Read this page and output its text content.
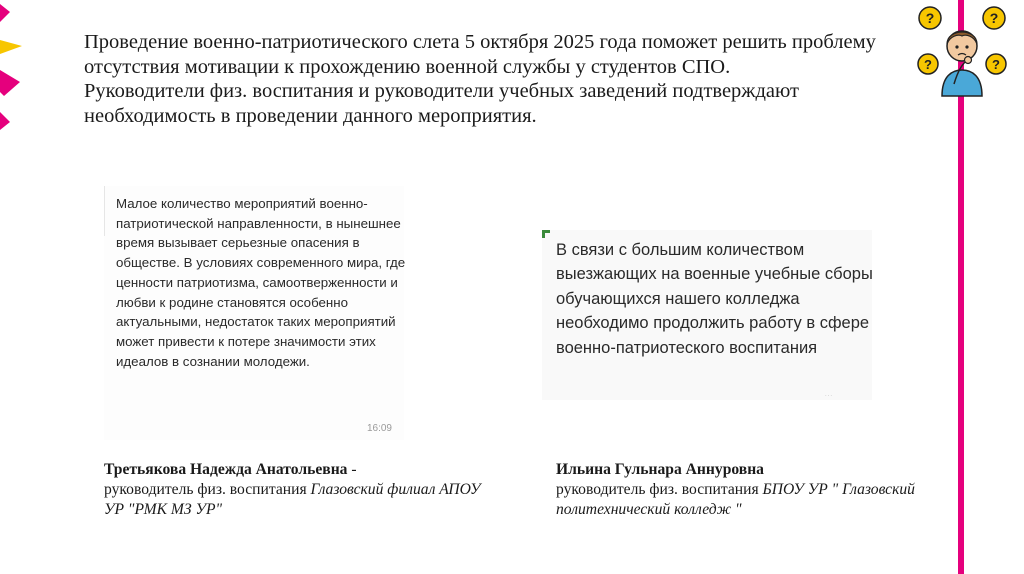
Проведение военно-патриотического слета 5 октября 2025 года поможет решить проблему отсутствия мотивации к прохождению военной службы у студентов СПО.

Руководители физ. воспитания и руководители учебных заведений подтверждают необходимость в проведении данного мероприятия.

Малое количество мероприятий военно-патриотической направленности, в нынешнее время вызывает серьезные опасения в обществе. В условиях современного мира, где ценности патриотизма, самоотверженности и любви к родине становятся особенно актуальными, недостаток таких мероприятий может привести к потере значимости этих идеалов в сознании молодежи.
16:09
В связи с большим количеством выезжающих на военные учебные сборы обучающихся нашего колледжа необходимо продолжить работу в сфере военно-патриотеского воспитания
...
Третьякова Надежда Анатольевна -
руководитель физ. воспитания Глазовский филиал АПОУ УР "РМК МЗ УР"
Ильина Гульнара Аннуровна
руководитель физ. воспитания БПОУ УР " Глазовский политехнический колледж "
?	?
?	?
